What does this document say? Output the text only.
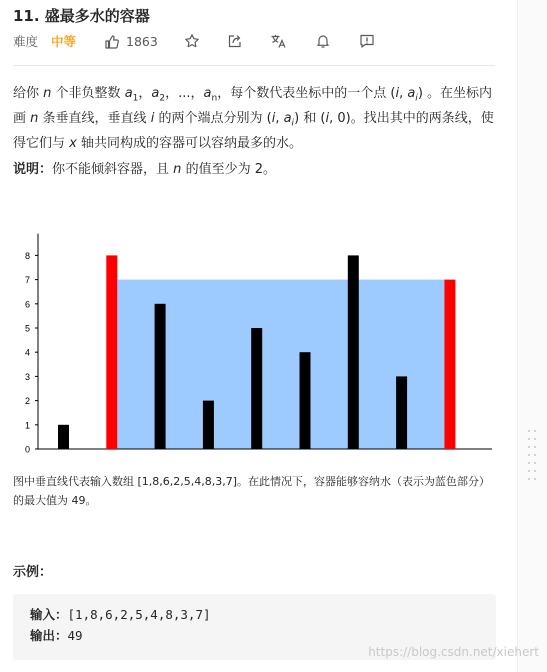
11. 盛最多水的容器
难度 中等	1863

给你 n 个非负整数 $a_1$，$a_2$，...，$a_n$，每个数代表坐标中的一个点 (i, $a_i$) 。在坐标内画 n 条垂直线，垂直线 i 的两个端点分别为 (i, $a_i$) 和 (i, 0)。找出其中的两条线，使得它们与 x 轴共同构成的容器可以容纳最多的水。

说明：你不能倾斜容器，且 n 的值至少为 2。

0
1
2
3
4
5
6
7
8

图中垂直线代表输入数组 [1,8,6,2,5,4,8,3,7]。在此情况下，容器能够容纳水（表示为蓝色部分）的最大值为 49。

示例：
输入：[1,8,6,2,5,4,8,3,7]
输出：49
https://blog.csdn.net/xiehert
